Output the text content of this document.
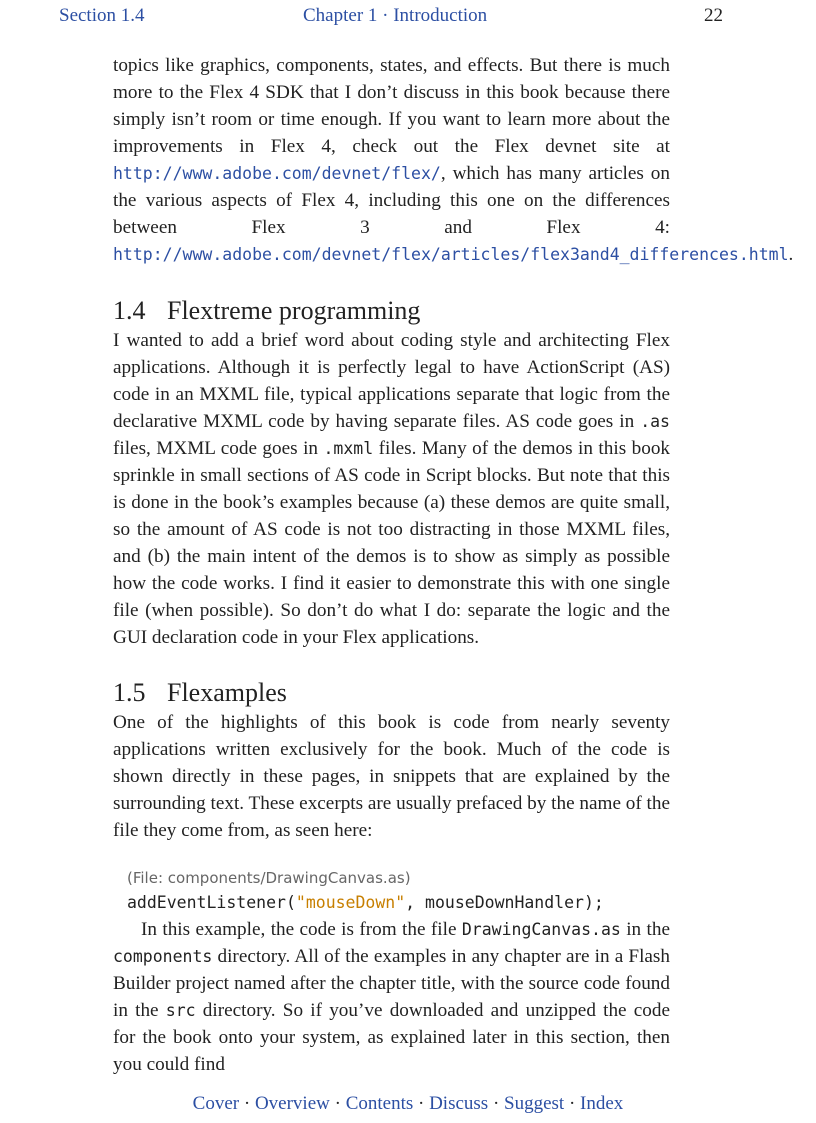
Section 1.4	Chapter 1 · Introduction	22

topics like graphics, components, states, and effects. But there is much more to the Flex 4 SDK that I don’t discuss in this book because there simply isn’t room or time enough. If you want to learn more about the improvements in Flex 4, check out the Flex devnet site at http://www.adobe.com/devnet/flex/, which has many articles on the various aspects of Flex 4, including this one on the differences between Flex 3 and Flex 4: http://www.adobe.com/devnet/flex/articles/flex3and4_differences.html.

1.4 Flextreme programming

I wanted to add a brief word about coding style and architecting Flex applications. Although it is perfectly legal to have ActionScript (AS) code in an MXML file, typical applications separate that logic from the declarative MXML code by having separate files. AS code goes in .as files, MXML code goes in .mxml files. Many of the demos in this book sprinkle in small sections of AS code in Script blocks. But note that this is done in the book’s examples because (a) these demos are quite small, so the amount of AS code is not too distracting in those MXML files, and (b) the main intent of the demos is to show as simply as possible how the code works. I find it easier to demonstrate this with one single file (when possible). So don’t do what I do: separate the logic and the GUI declaration code in your Flex applications.

1.5 Flexamples

One of the highlights of this book is code from nearly seventy applications written exclusively for the book. Much of the code is shown directly in these pages, in snippets that are explained by the surrounding text. These excerpts are usually prefaced by the name of the file they come from, as seen here:

(File: components/DrawingCanvas.as)
addEventListener("mouseDown", mouseDownHandler);

In this example, the code is from the file DrawingCanvas.as in the components directory. All of the examples in any chapter are in a Flash Builder project named after the chapter title, with the source code found in the src directory. So if you’ve downloaded and unzipped the code for the book onto your system, as explained later in this section, then you could find

Cover · Overview · Contents · Discuss · Suggest · Index
